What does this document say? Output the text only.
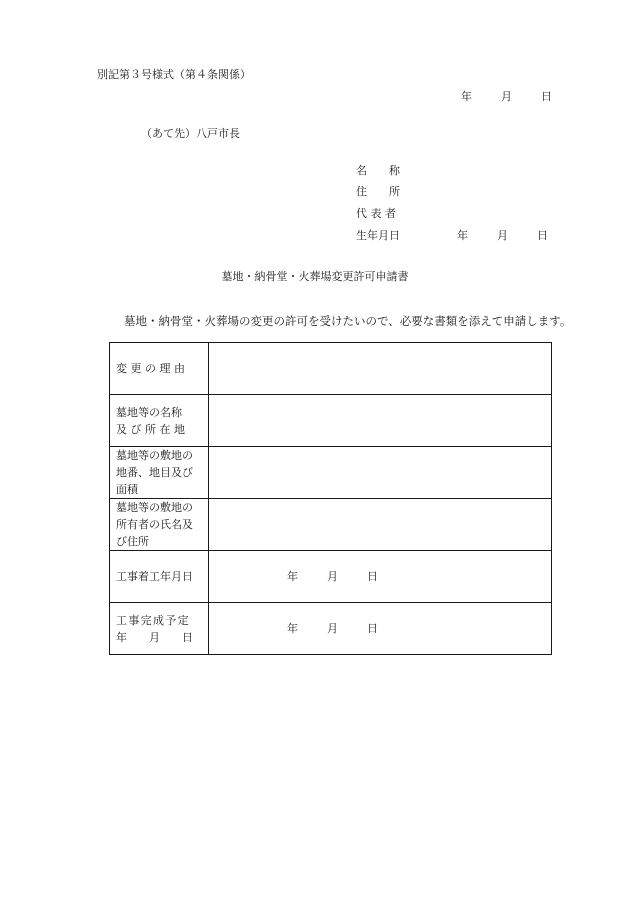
別記第３号様式（第４条関係）
年	月	日
（あて先）八戸市長
名　　称
住　　所
代 表 者
生年月日	年	月	日
墓地・納骨堂・火葬場変更許可申請書
墓地・納骨堂・火葬場の変更の許可を受けたいので、必要な書類を添えて申請します。
変 更 の 理 由	

墓地等の名称
及 び 所 在 地	

墓地等の敷地の
地番、地目及び
面積	

墓地等の敷地の
所有者の氏名及
び住所	

工事着工年月日	年 月 日

工事完成予定
年　　月　　日	年 月 日
